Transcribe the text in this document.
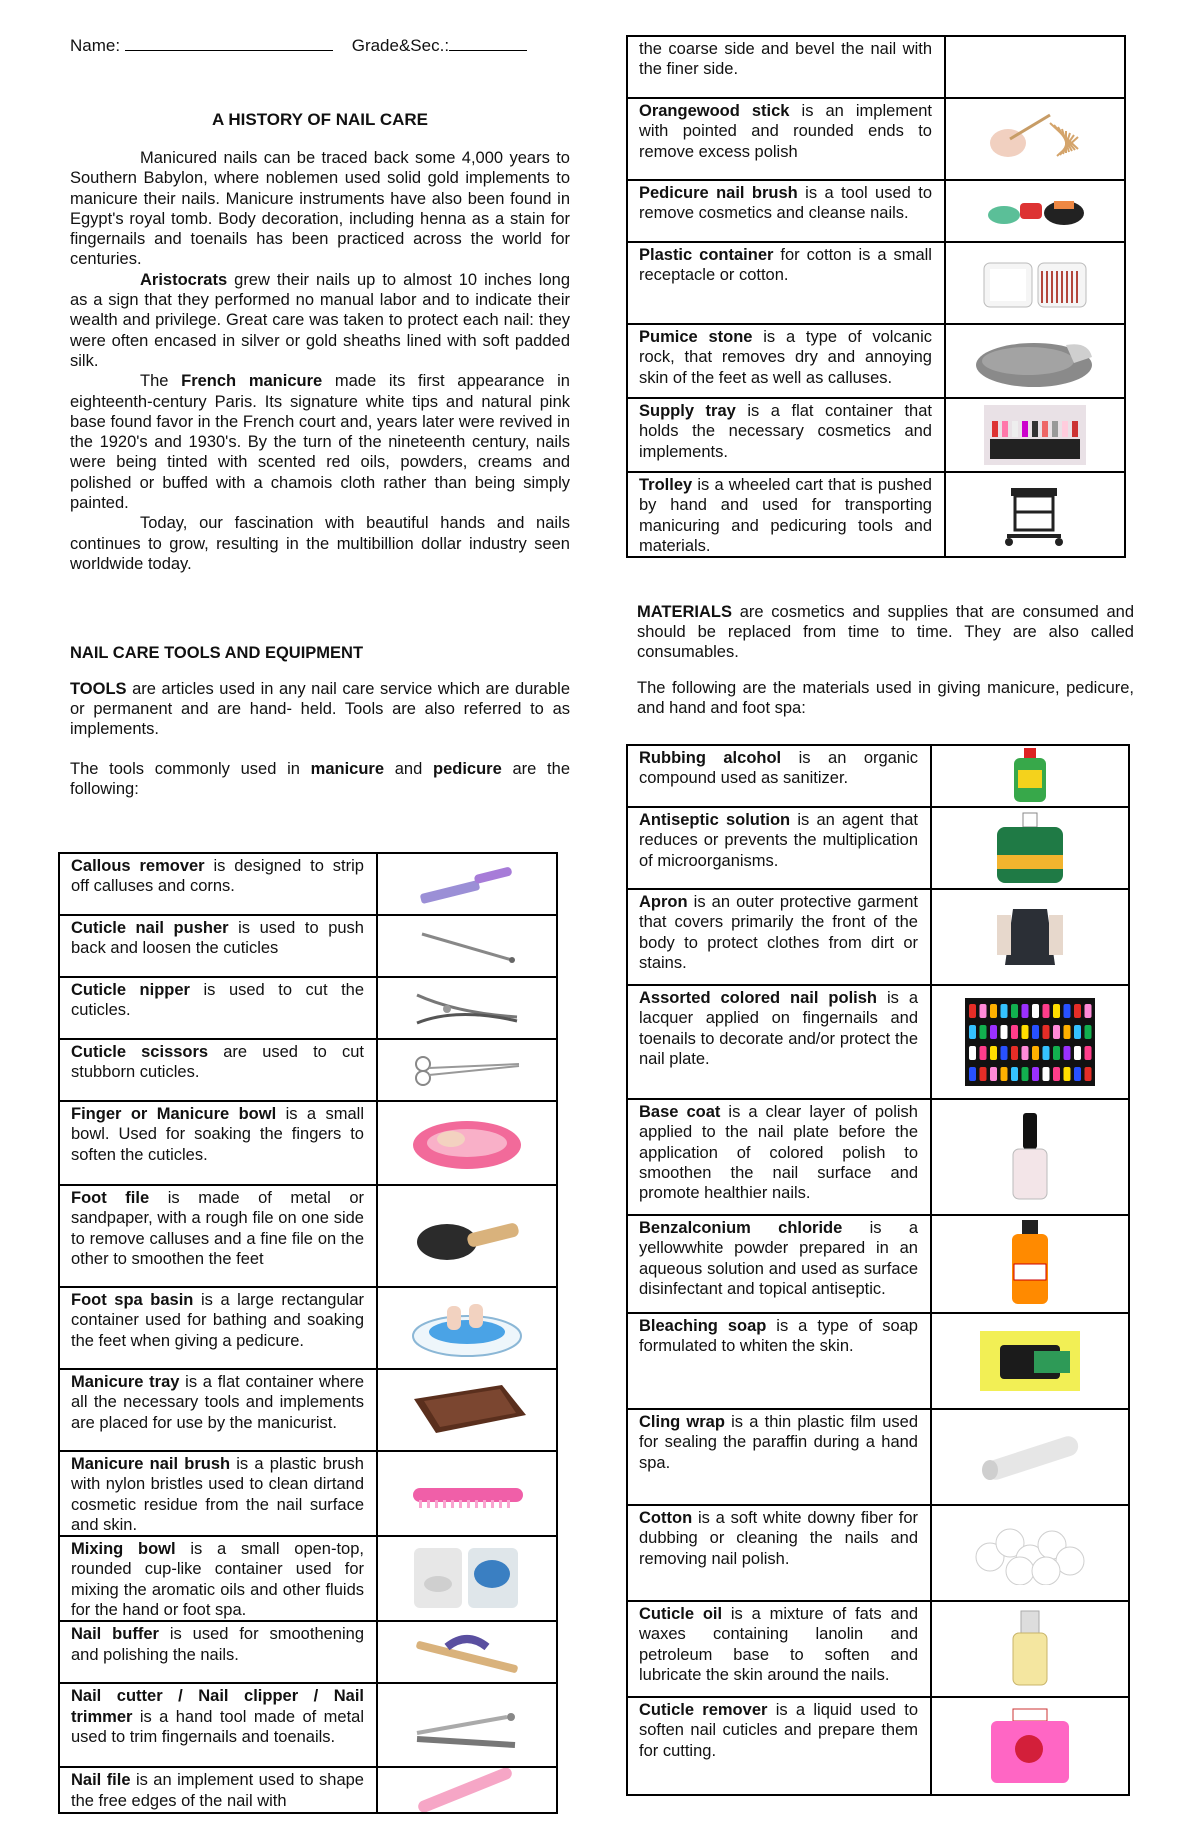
Name:	Grade&Sec.:
A HISTORY OF NAIL CARE

Manicured nails can be traced back some 4,000 years to Southern Babylon, where noblemen used solid gold implements to manicure their nails. Manicure instruments have also been found in Egypt's royal tomb. Body decoration, including henna as a stain for fingernails and toenails has been practiced across the world for centuries.

Aristocrats grew their nails up to almost 10 inches long as a sign that they performed no manual labor and to indicate their wealth and privilege. Great care was taken to protect each nail: they were often encased in silver or gold sheaths lined with soft padded silk.

The French manicure made its first appearance in eighteenth-century Paris. Its signature white tips and natural pink base found favor in the French court and, years later were revived in the 1920's and 1930's. By the turn of the nineteenth century, nails were being tinted with scented red oils, powders, creams and polished or buffed with a chamois cloth rather than being simply painted.

Today, our fascination with beautiful hands and nails continues to grow, resulting in the multibillion dollar industry seen worldwide today.

NAIL CARE TOOLS AND EQUIPMENT

TOOLS are articles used in any nail care service which are durable or permanent and are hand- held. Tools are also referred to as implements.

The tools commonly used in manicure and pedicure are the following:

Callous remover is designed to strip off calluses and corns.	

Cuticle nail pusher is used to push back and loosen the cuticles	

Cuticle nipper is used to cut the cuticles.	

Cuticle scissors are used to cut stubborn cuticles.	

Finger or Manicure bowl is a small bowl. Used for soaking the fingers to soften the cuticles.	

Foot file is made of metal or sandpaper, with a rough file on one side to remove calluses and a fine file on the other to smoothen the feet	

Foot spa basin is a large rectangular container used for bathing and soaking the feet when giving a pedicure.	

Manicure tray is a flat container where all the necessary tools and implements are placed for use by the manicurist.	

Manicure nail brush is a plastic brush with nylon bristles used to clean dirtand cosmetic residue from the nail surface and skin.	

Mixing bowl is a small open-top, rounded cup-like container used for mixing the aromatic oils and other fluids for the hand or foot spa.	

Nail buffer is used for smoothening and polishing the nails.	

Nail cutter / Nail clipper / Nail trimmer is a hand tool made of metal used to trim fingernails and toenails.	

Nail file is an implement used to shape the free edges of the nail with	
the coarse side and bevel the nail with the finer side.	
Orangewood stick is an implement with pointed and rounded ends to remove excess polish	

Pedicure nail brush is a tool used to remove cosmetics and cleanse nails.	

Plastic container for cotton is a small receptacle or cotton.	

Pumice stone is a type of volcanic rock, that removes dry and annoying skin of the feet as well as calluses.	

Supply tray is a flat container that holds the necessary cosmetics and implements.	

Trolley is a wheeled cart that is pushed by hand and used for transporting manicuring and pedicuring tools and materials.	

MATERIALS are cosmetics and supplies that are consumed and should be replaced from time to time. They are also called consumables.

The following are the materials used in giving manicure, pedicure, and hand and foot spa:

Rubbing alcohol is an organic compound used as sanitizer.	

Antiseptic solution is an agent that reduces or prevents the multiplication of microorganisms.	

Apron is an outer protective garment that covers primarily the front of the body to protect clothes from dirt or stains.	

Assorted colored nail polish is a lacquer applied on fingernails and toenails to decorate and/or protect the nail plate.	

Base coat is a clear layer of polish applied to the nail plate before the application of colored polish to smoothen the nail surface and promote healthier nails.	

Benzalconium chloride is a yellowwhite powder prepared in an aqueous solution and used as surface disinfectant and topical antiseptic.	

Bleaching soap is a type of soap formulated to whiten the skin.	

Cling wrap is a thin plastic film used for sealing the paraffin during a hand spa.	

Cotton is a soft white downy fiber for dubbing or cleaning the nails and removing nail polish.	

Cuticle oil is a mixture of fats and waxes containing lanolin and petroleum base to soften and lubricate the skin around the nails.	

Cuticle remover is a liquid used to soften nail cuticles and prepare them for cutting.	
